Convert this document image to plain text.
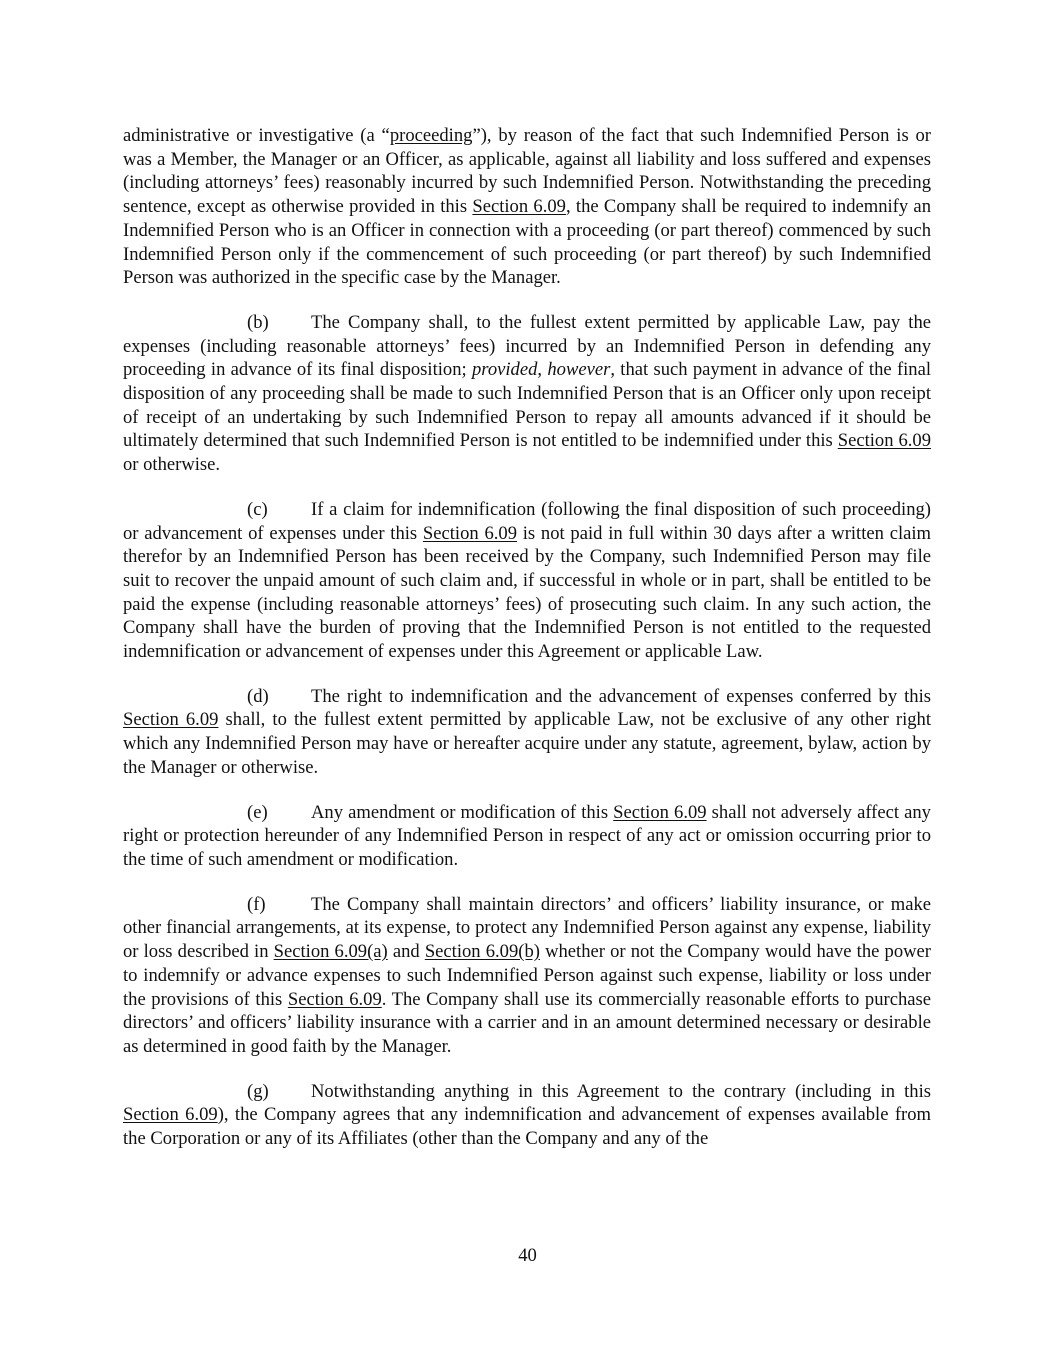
administrative or investigative (a “proceeding”), by reason of the fact that such Indemnified Person is or was a Member, the Manager or an Officer, as applicable, against all liability and loss suffered and expenses (including attorneys’ fees) reasonably incurred by such Indemnified Person. Notwithstanding the preceding sentence, except as otherwise provided in this Section 6.09, the Company shall be required to indemnify an Indemnified Person who is an Officer in connection with a proceeding (or part thereof) commenced by such Indemnified Person only if the commencement of such proceeding (or part thereof) by such Indemnified Person was authorized in the specific case by the Manager.

(b) The Company shall, to the fullest extent permitted by applicable Law, pay the expenses (including reasonable attorneys’ fees) incurred by an Indemnified Person in defending any proceeding in advance of its final disposition; provided, however, that such payment in advance of the final disposition of any proceeding shall be made to such Indemnified Person that is an Officer only upon receipt of receipt of an undertaking by such Indemnified Person to repay all amounts advanced if it should be ultimately determined that such Indemnified Person is not entitled to be indemnified under this Section 6.09 or otherwise.

(c) If a claim for indemnification (following the final disposition of such proceeding) or advancement of expenses under this Section 6.09 is not paid in full within 30 days after a written claim therefor by an Indemnified Person has been received by the Company, such Indemnified Person may file suit to recover the unpaid amount of such claim and, if successful in whole or in part, shall be entitled to be paid the expense (including reasonable attorneys’ fees) of prosecuting such claim. In any such action, the Company shall have the burden of proving that the Indemnified Person is not entitled to the requested indemnification or advancement of expenses under this Agreement or applicable Law.

(d) The right to indemnification and the advancement of expenses conferred by this Section 6.09 shall, to the fullest extent permitted by applicable Law, not be exclusive of any other right which any Indemnified Person may have or hereafter acquire under any statute, agreement, bylaw, action by the Manager or otherwise.

(e) Any amendment or modification of this Section 6.09 shall not adversely affect any right or protection hereunder of any Indemnified Person in respect of any act or omission occurring prior to the time of such amendment or modification.

(f) The Company shall maintain directors’ and officers’ liability insurance, or make other financial arrangements, at its expense, to protect any Indemnified Person against any expense, liability or loss described in Section 6.09(a) and Section 6.09(b) whether or not the Company would have the power to indemnify or advance expenses to such Indemnified Person against such expense, liability or loss under the provisions of this Section 6.09. The Company shall use its commercially reasonable efforts to purchase directors’ and officers’ liability insurance with a carrier and in an amount determined necessary or desirable as determined in good faith by the Manager.

(g) Notwithstanding anything in this Agreement to the contrary (including in this Section 6.09), the Company agrees that any indemnification and advancement of expenses available from the Corporation or any of its Affiliates (other than the Company and any of the

40
